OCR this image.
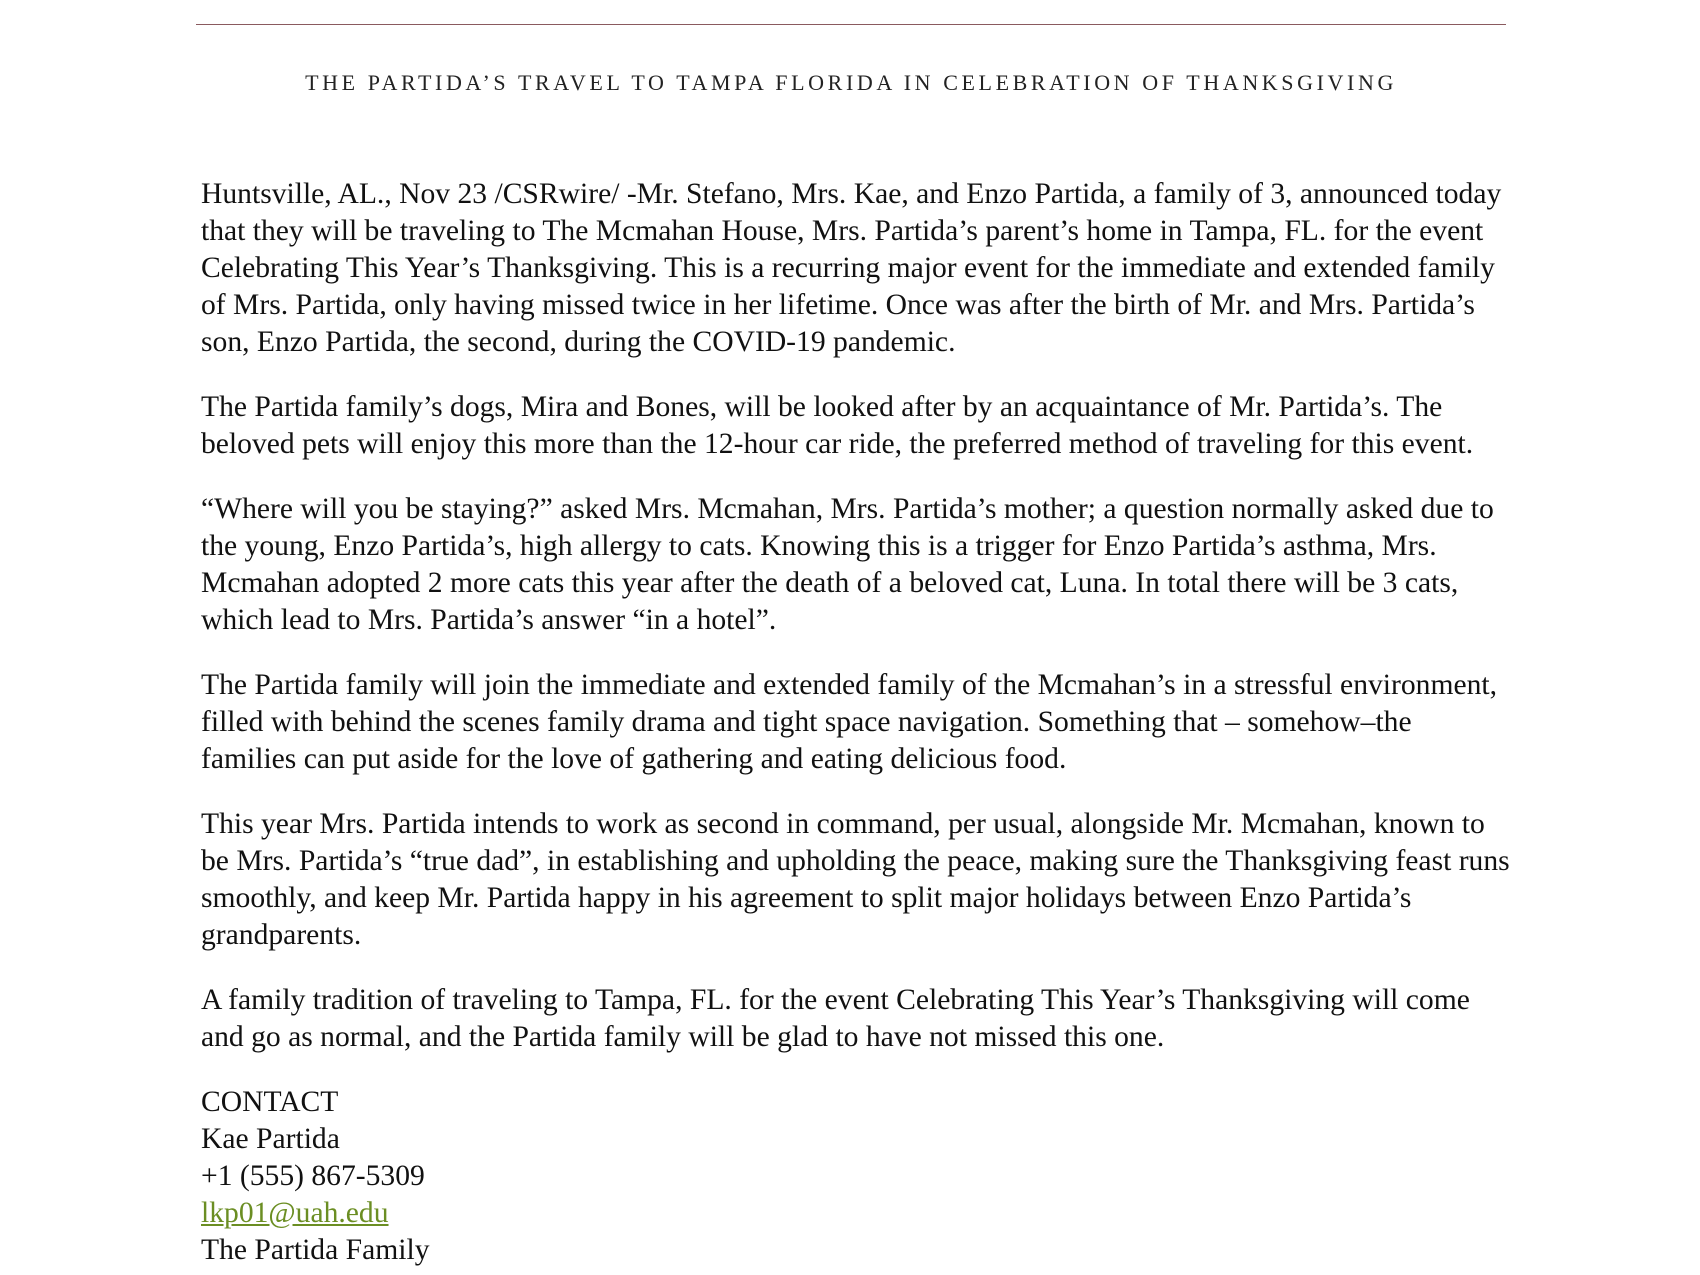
THE PARTIDA’S TRAVEL TO TAMPA FLORIDA IN CELEBRATION OF THANKSGIVING

Huntsville, AL., Nov 23 /CSRwire/ -Mr. Stefano, Mrs. Kae, and Enzo Partida, a family of 3, announced today that they will be traveling to The Mcmahan House, Mrs. Partida’s parent’s home in Tampa, FL. for the event Celebrating This Year’s Thanksgiving. This is a recurring major event for the immediate and extended family of Mrs. Partida, only having missed twice in her lifetime. Once was after the birth of Mr. and Mrs. Partida’s son, Enzo Partida, the second, during the COVID-19 pandemic.

The Partida family’s dogs, Mira and Bones, will be looked after by an acquaintance of Mr. Partida’s. The beloved pets will enjoy this more than the 12-hour car ride, the preferred method of traveling for this event.

“Where will you be staying?” asked Mrs. Mcmahan, Mrs. Partida’s mother; a question normally asked due to the young, Enzo Partida’s, high allergy to cats. Knowing this is a trigger for Enzo Partida’s asthma, Mrs. Mcmahan adopted 2 more cats this year after the death of a beloved cat, Luna. In total there will be 3 cats, which lead to Mrs. Partida’s answer “in a hotel”.

The Partida family will join the immediate and extended family of the Mcmahan’s in a stressful environment, filled with behind the scenes family drama and tight space navigation. Something that – somehow–the families can put aside for the love of gathering and eating delicious food.

This year Mrs. Partida intends to work as second in command, per usual, alongside Mr. Mcmahan, known to be Mrs. Partida’s “true dad”, in establishing and upholding the peace, making sure the Thanksgiving feast runs smoothly, and keep Mr. Partida happy in his agreement to split major holidays between Enzo Partida’s grandparents.

A family tradition of traveling to Tampa, FL. for the event Celebrating This Year’s Thanksgiving will come and go as normal, and the Partida family will be glad to have not missed this one.

CONTACT
Kae Partida
+1 (555) 867-5309
lkp01@uah.edu
The Partida Family
